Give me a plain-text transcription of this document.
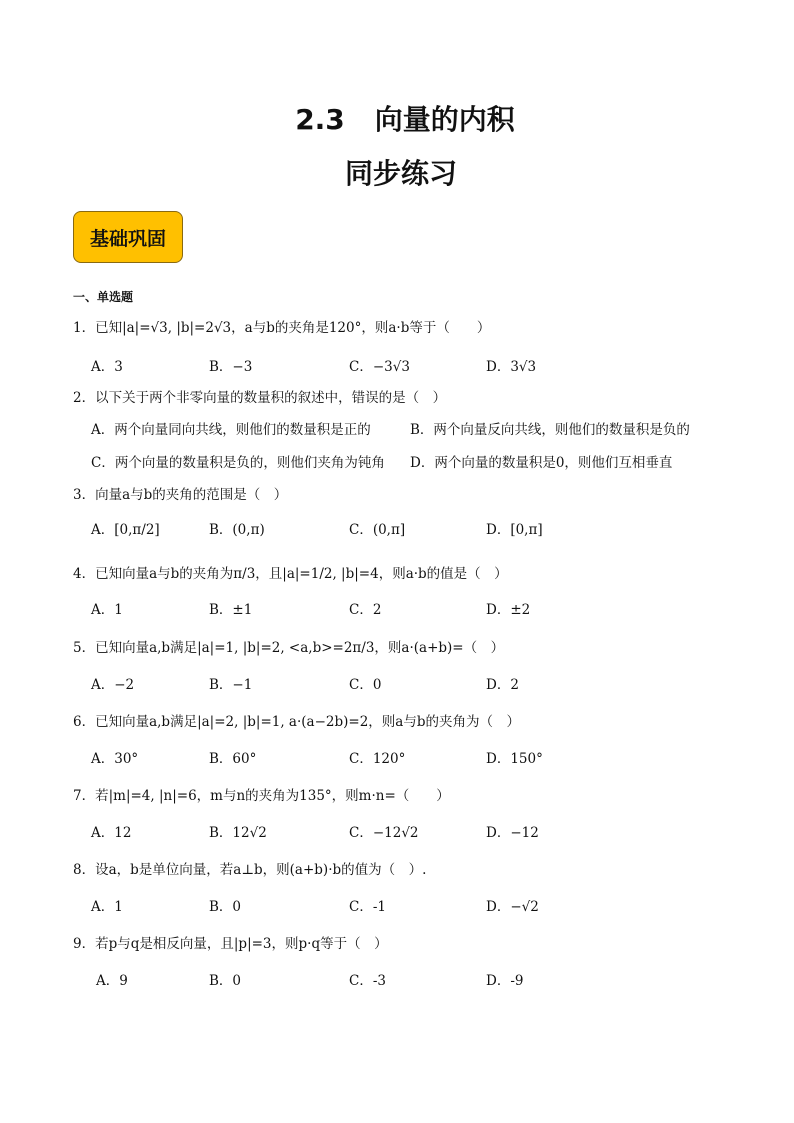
2.3 向量的内积
同步练习
基础巩固
一、单选题
1．已知|a|=√3, |b|=2√3，a与b的夹角是120°，则a·b等于（　　）
A．3	B．−3	C．−3√3	D．3√3
2．以下关于两个非零向量的数量积的叙述中，错误的是（　）
A．两个向量同向共线，则他们的数量积是正的	B．两个向量反向共线，则他们的数量积是负的
C．两个向量的数量积是负的，则他们夹角为钝角 D．两个向量的数量积是0，则他们互相垂直
3．向量a与b的夹角的范围是（　）
A．[0,π/2]	B．(0,π)	C．(0,π]	D．[0,π]
4．已知向量a与b的夹角为π/3，且|a|=1/2, |b|=4，则a·b的值是（　）
A．1	B．±1	C．2	D．±2
5．已知向量a,b满足|a|=1, |b|=2, <a,b>=2π/3，则a·(a+b)=（　）
A．−2	B．−1	C．0	D．2
6．已知向量a,b满足|a|=2, |b|=1, a·(a−2b)=2，则a与b的夹角为（　）
A．30°	B．60°	C．120°	D．150°
7．若|m|=4, |n|=6，m与n的夹角为135°，则m·n=（　　）
A．12	B．12√2	C．−12√2	D．−12
8．设a，b是单位向量，若a⊥b，则(a+b)·b的值为（　）.
A．1	B．0	C．-1	D．−√2
9．若p与q是相反向量，且|p|=3，则p·q等于（　）
A．9	B．0	C．-3	D．-9
